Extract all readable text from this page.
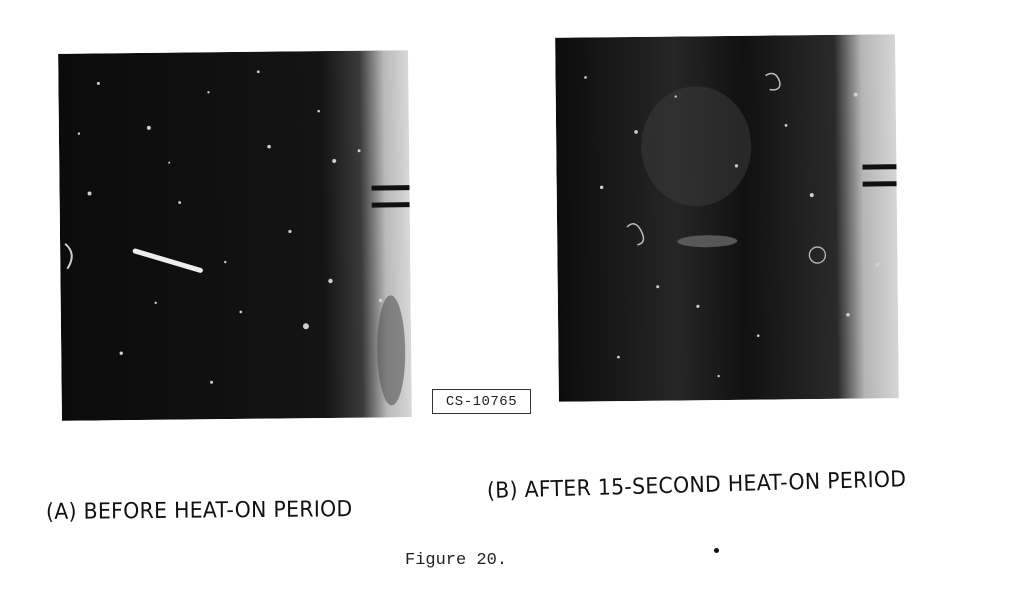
CS-10765
(A) BEFORE HEAT-ON PERIOD
(B) AFTER 15-SECOND HEAT-ON PERIOD
Figure 20.
